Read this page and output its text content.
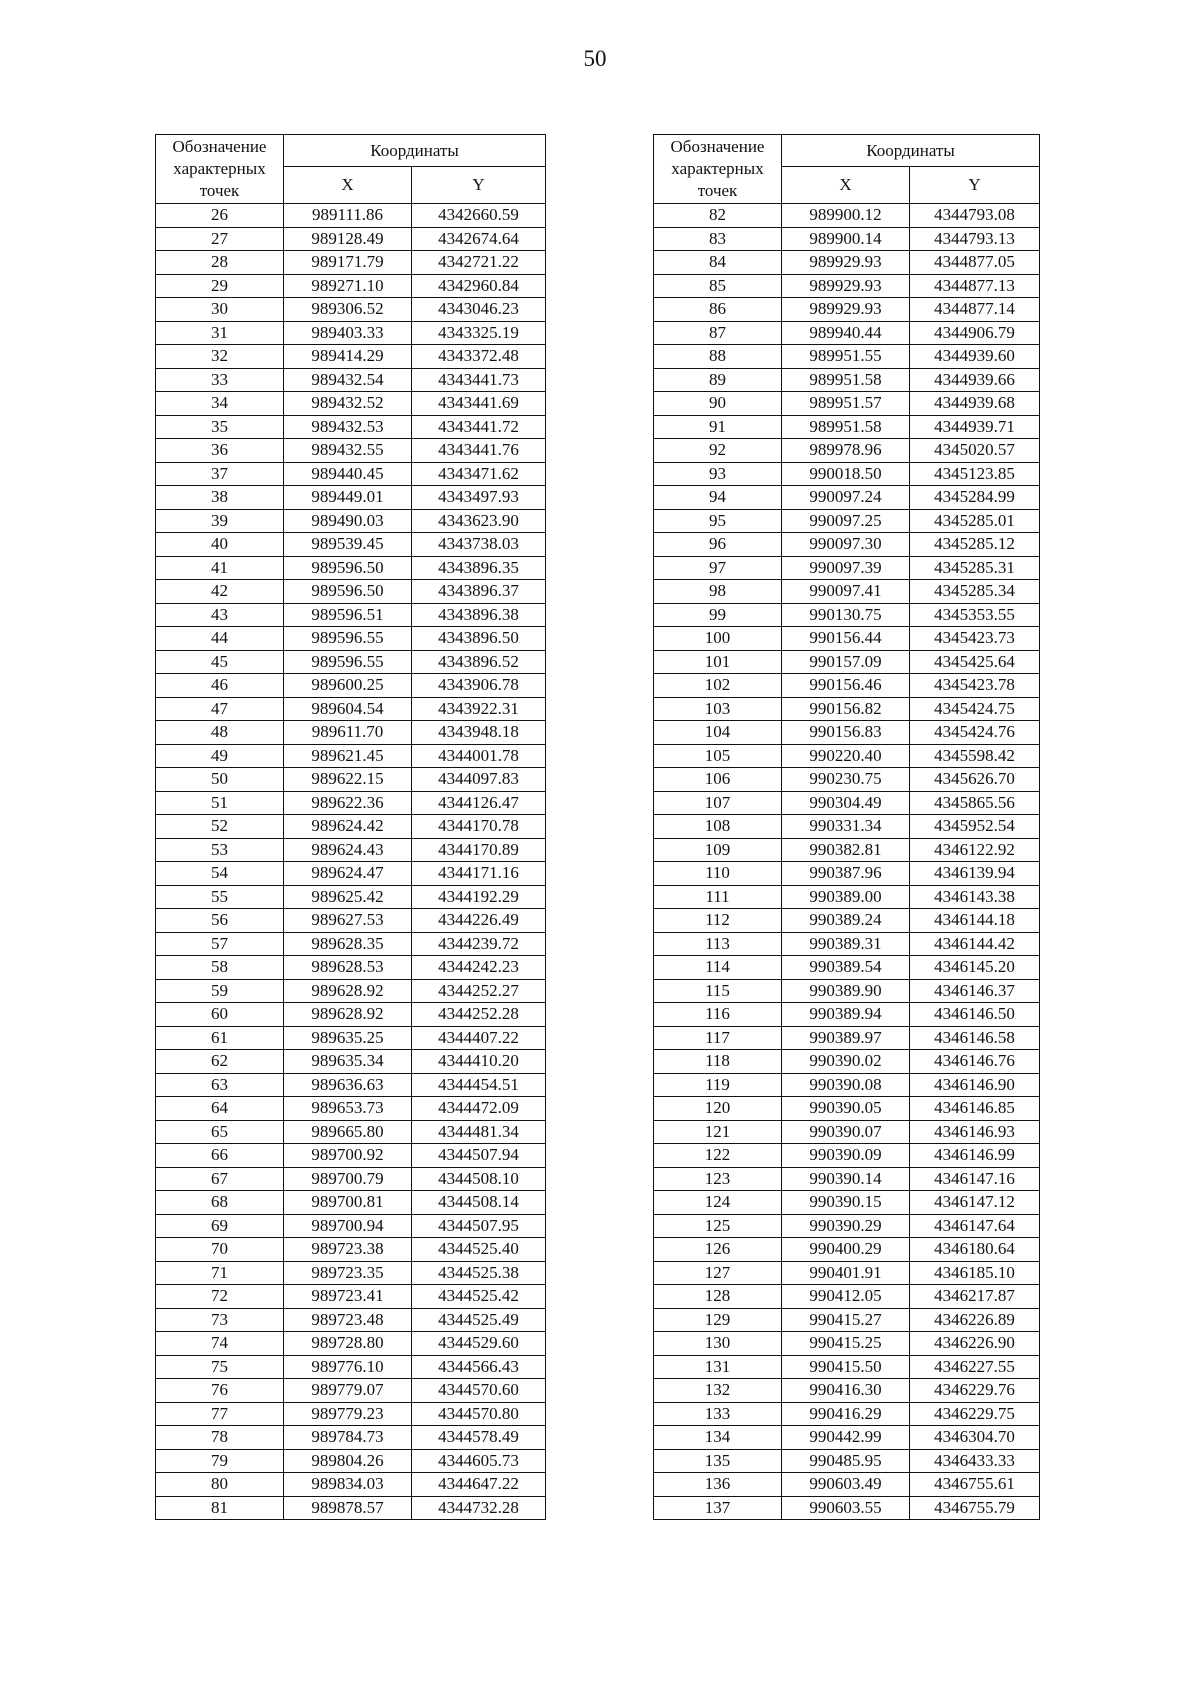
50
Обозначение характерных точек	Координаты	
	X	Y
26	989111.86	4342660.59
27	989128.49	4342674.64
28	989171.79	4342721.22
29	989271.10	4342960.84
30	989306.52	4343046.23
31	989403.33	4343325.19
32	989414.29	4343372.48
33	989432.54	4343441.73
34	989432.52	4343441.69
35	989432.53	4343441.72
36	989432.55	4343441.76
37	989440.45	4343471.62
38	989449.01	4343497.93
39	989490.03	4343623.90
40	989539.45	4343738.03
41	989596.50	4343896.35
42	989596.50	4343896.37
43	989596.51	4343896.38
44	989596.55	4343896.50
45	989596.55	4343896.52
46	989600.25	4343906.78
47	989604.54	4343922.31
48	989611.70	4343948.18
49	989621.45	4344001.78
50	989622.15	4344097.83
51	989622.36	4344126.47
52	989624.42	4344170.78
53	989624.43	4344170.89
54	989624.47	4344171.16
55	989625.42	4344192.29
56	989627.53	4344226.49
57	989628.35	4344239.72
58	989628.53	4344242.23
59	989628.92	4344252.27
60	989628.92	4344252.28
61	989635.25	4344407.22
62	989635.34	4344410.20
63	989636.63	4344454.51
64	989653.73	4344472.09
65	989665.80	4344481.34
66	989700.92	4344507.94
67	989700.79	4344508.10
68	989700.81	4344508.14
69	989700.94	4344507.95
70	989723.38	4344525.40
71	989723.35	4344525.38
72	989723.41	4344525.42
73	989723.48	4344525.49
74	989728.80	4344529.60
75	989776.10	4344566.43
76	989779.07	4344570.60
77	989779.23	4344570.80
78	989784.73	4344578.49
79	989804.26	4344605.73
80	989834.03	4344647.22
81	989878.57	4344732.28
Обозначение характерных точек	Координаты	
	X	Y
82	989900.12	4344793.08
83	989900.14	4344793.13
84	989929.93	4344877.05
85	989929.93	4344877.13
86	989929.93	4344877.14
87	989940.44	4344906.79
88	989951.55	4344939.60
89	989951.58	4344939.66
90	989951.57	4344939.68
91	989951.58	4344939.71
92	989978.96	4345020.57
93	990018.50	4345123.85
94	990097.24	4345284.99
95	990097.25	4345285.01
96	990097.30	4345285.12
97	990097.39	4345285.31
98	990097.41	4345285.34
99	990130.75	4345353.55
100	990156.44	4345423.73
101	990157.09	4345425.64
102	990156.46	4345423.78
103	990156.82	4345424.75
104	990156.83	4345424.76
105	990220.40	4345598.42
106	990230.75	4345626.70
107	990304.49	4345865.56
108	990331.34	4345952.54
109	990382.81	4346122.92
110	990387.96	4346139.94
111	990389.00	4346143.38
112	990389.24	4346144.18
113	990389.31	4346144.42
114	990389.54	4346145.20
115	990389.90	4346146.37
116	990389.94	4346146.50
117	990389.97	4346146.58
118	990390.02	4346146.76
119	990390.08	4346146.90
120	990390.05	4346146.85
121	990390.07	4346146.93
122	990390.09	4346146.99
123	990390.14	4346147.16
124	990390.15	4346147.12
125	990390.29	4346147.64
126	990400.29	4346180.64
127	990401.91	4346185.10
128	990412.05	4346217.87
129	990415.27	4346226.89
130	990415.25	4346226.90
131	990415.50	4346227.55
132	990416.30	4346229.76
133	990416.29	4346229.75
134	990442.99	4346304.70
135	990485.95	4346433.33
136	990603.49	4346755.61
137	990603.55	4346755.79
